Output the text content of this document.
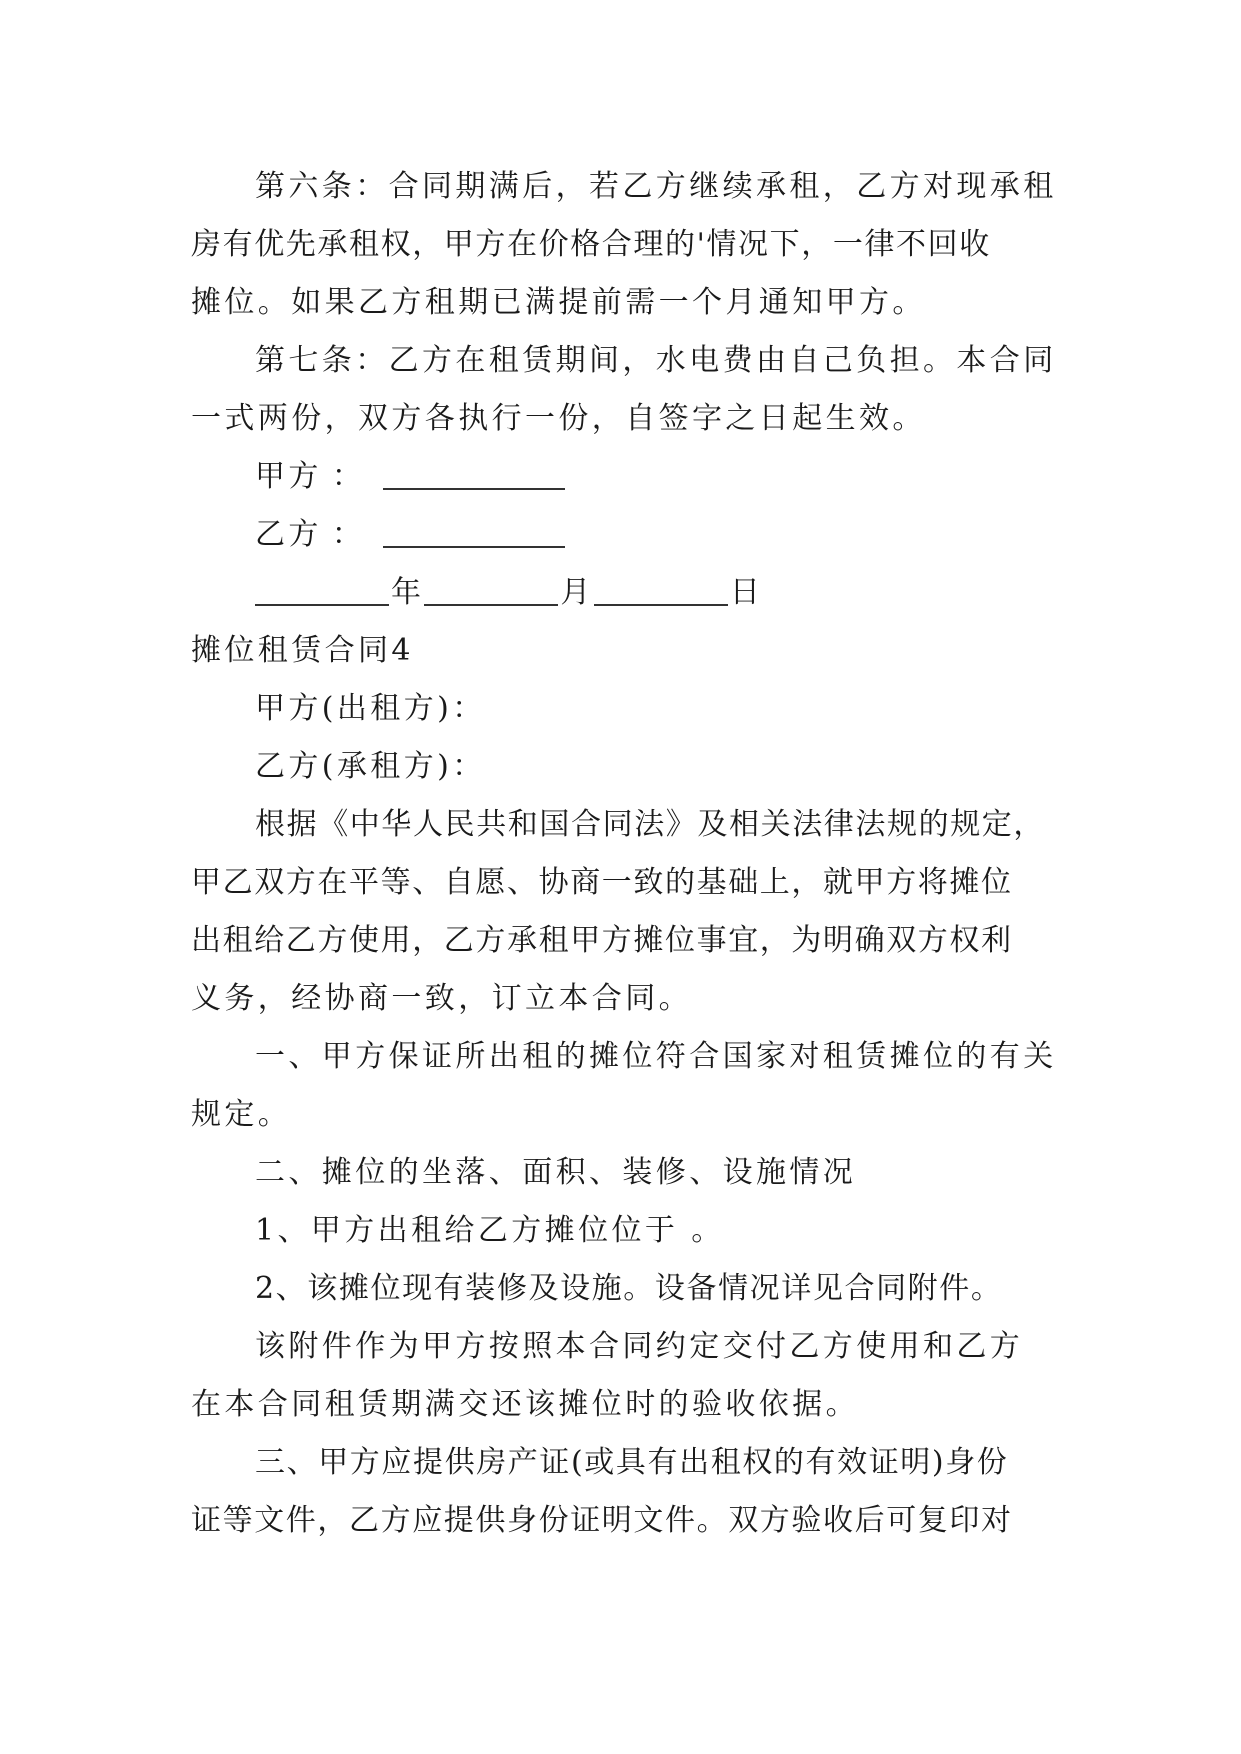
第六条：合同期满后，若乙方继续承租，乙方对现承租
房有优先承租权，甲方在价格合理的'情况下，一律不回收
摊位。如果乙方租期已满提前需一个月通知甲方。
第七条：乙方在租赁期间，水电费由自己负担。本合同
一式两份，双方各执行一份，自签字之日起生效。
甲方 ：
乙方 ：
年	月	日
摊位租赁合同4
甲方(出租方)：
乙方(承租方)：
根据《中华人民共和国合同法》及相关法律法规的规定，
甲乙双方在平等、自愿、协商一致的基础上，就甲方将摊位
出租给乙方使用，乙方承租甲方摊位事宜，为明确双方权利
义务，经协商一致，订立本合同。
一、甲方保证所出租的摊位符合国家对租赁摊位的有关
规定。
二、摊位的坐落、面积、装修、设施情况
1、甲方出租给乙方摊位位于 。
2、该摊位现有装修及设施。设备情况详见合同附件。
该附件作为甲方按照本合同约定交付乙方使用和乙方
在本合同租赁期满交还该摊位时的验收依据。
三、甲方应提供房产证(或具有出租权的有效证明)身份
证等文件，乙方应提供身份证明文件。双方验收后可复印对
